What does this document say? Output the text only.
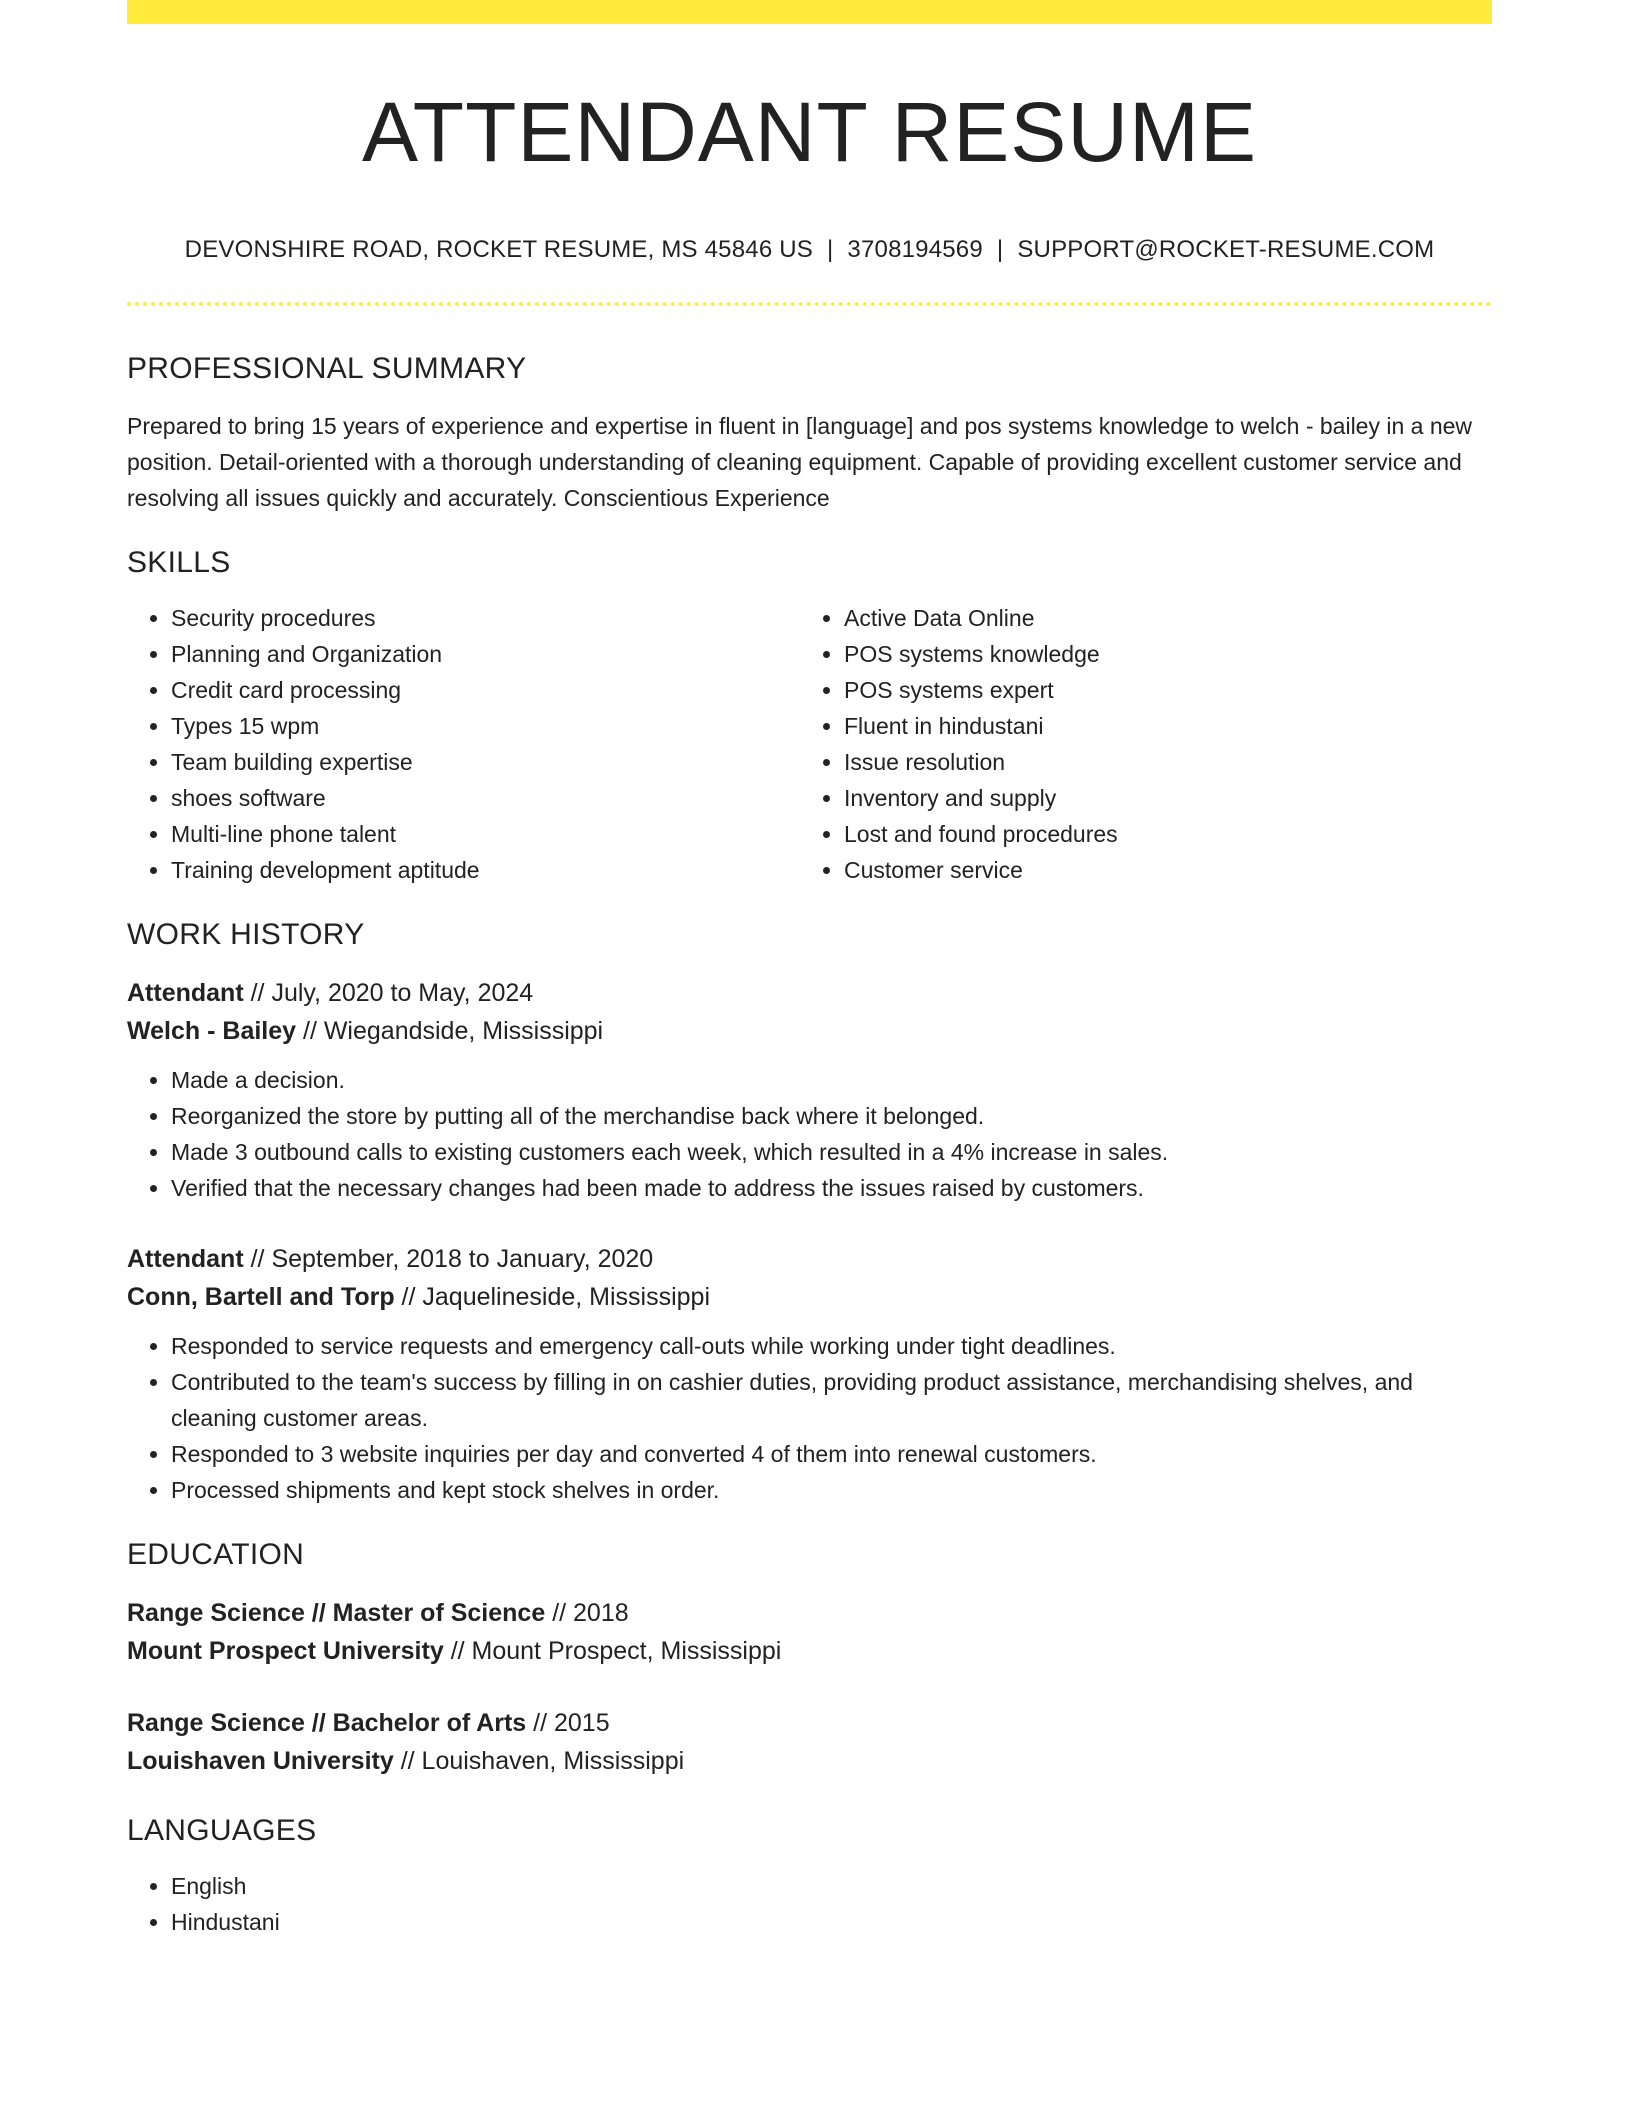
ATTENDANT RESUME
DEVONSHIRE ROAD, ROCKET RESUME, MS 45846 US | 3708194569 | SUPPORT@ROCKET-RESUME.COM
PROFESSIONAL SUMMARY

Prepared to bring 15 years of experience and expertise in fluent in [language] and pos systems knowledge to welch - bailey in a new position. Detail-oriented with a thorough understanding of cleaning equipment. Capable of providing excellent customer service and resolving all issues quickly and accurately. Conscientious Experience

SKILLS
• Security procedures
• Planning and Organization
• Credit card processing
• Types 15 wpm
• Team building expertise
• shoes software
• Multi-line phone talent
• Training development aptitude
• Active Data Online
• POS systems knowledge
• POS systems expert
• Fluent in hindustani
• Issue resolution
• Inventory and supply
• Lost and found procedures
• Customer service
WORK HISTORY
Attendant // July, 2020 to May, 2024
Welch - Bailey // Wiegandside, Mississippi
• Made a decision.
• Reorganized the store by putting all of the merchandise back where it belonged.
• Made 3 outbound calls to existing customers each week, which resulted in a 4% increase in sales.
• Verified that the necessary changes had been made to address the issues raised by customers.
Attendant // September, 2018 to January, 2020
Conn, Bartell and Torp // Jaquelineside, Mississippi
• Responded to service requests and emergency call-outs while working under tight deadlines.
• Contributed to the team's success by filling in on cashier duties, providing product assistance, merchandising shelves, and cleaning customer areas.
• Responded to 3 website inquiries per day and converted 4 of them into renewal customers.
• Processed shipments and kept stock shelves in order.
EDUCATION
Range Science // Master of Science // 2018
Mount Prospect University // Mount Prospect, Mississippi
Range Science // Bachelor of Arts // 2015
Louishaven University // Louishaven, Mississippi
LANGUAGES
• English
• Hindustani
